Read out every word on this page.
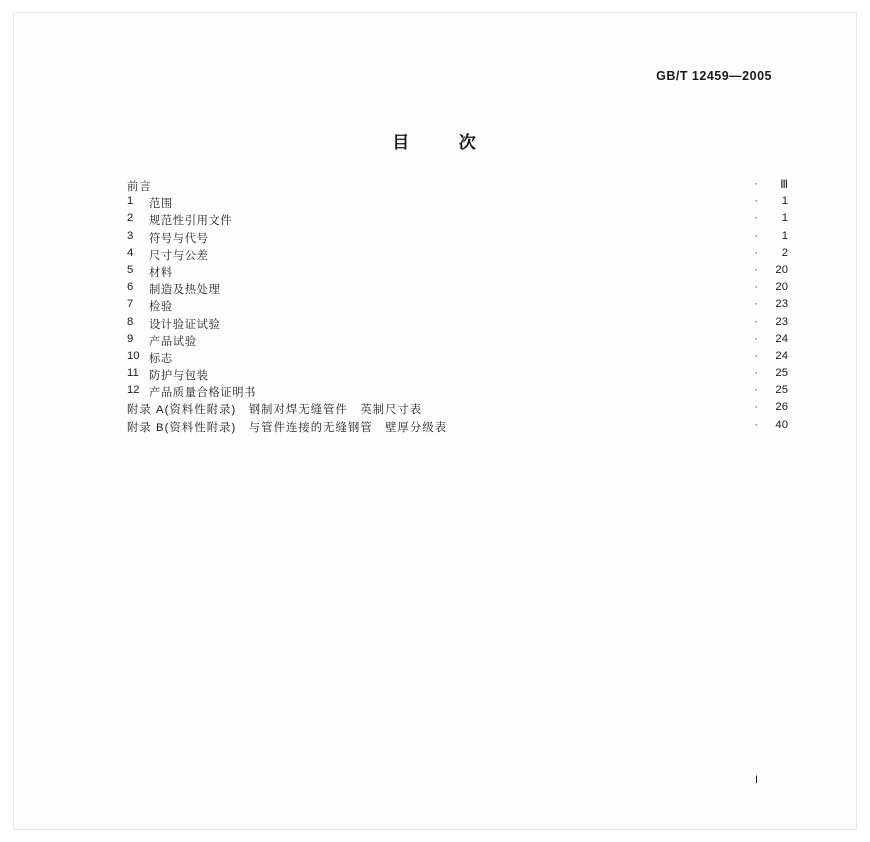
GB/T 12459—2005
目	次
前言	·	Ⅲ
1	范围	·	1
2	规范性引用文件	·	1
3	符号与代号	·	1
4	尺寸与公差	·	2
5	材料	·	20
6	制造及热处理	·	20
7	检验	·	23
8	设计验证试验	·	23
9	产品试验	·	24
10 标志	·	24
11 防护与包装	·	25
12 产品质量合格证明书	·	25
附录 A(资料性附录)　钢制对焊无缝管件　英制尺寸表	·	26
附录 B(资料性附录)　与管件连接的无缝钢管　壁厚分级表	·	40
I
